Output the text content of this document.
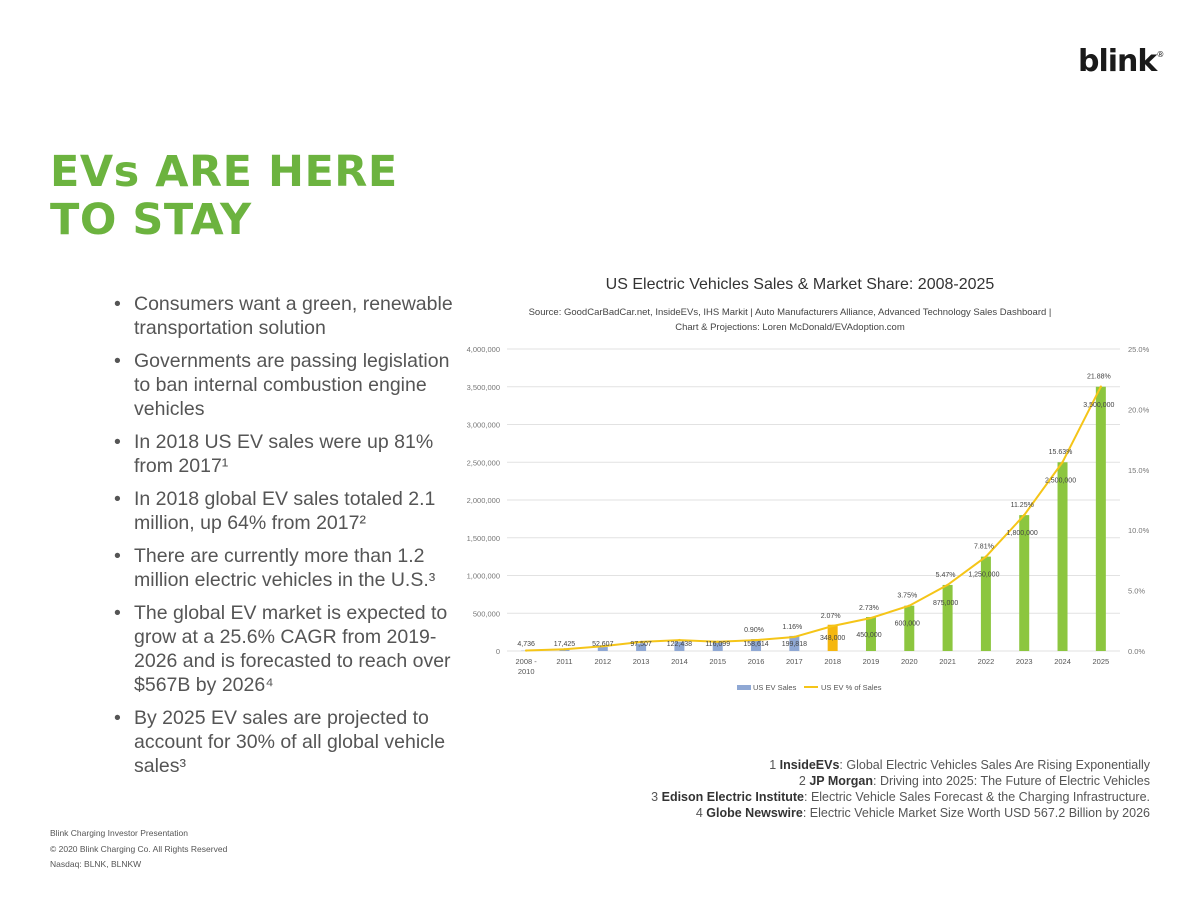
blink®
EVs ARE HERE
TO STAY
• Consumers want a green, renewable transportation solution
• Governments are passing legislation to ban internal combustion engine vehicles
• In 2018 US EV sales were up 81% from 2017¹
• In 2018 global EV sales totaled 2.1 million, up 64% from 2017²
• There are currently more than 1.2 million electric vehicles in the U.S.³
• The global EV market is expected to grow at a 25.6% CAGR from 2019-2026 and is forecasted to reach over $567B by 2026⁴
• By 2025 EV sales are projected to account for 30% of all global vehicle sales³
US Electric Vehicles Sales & Market Share: 2008-2025
Source: GoodCarBadCar.net, InsideEVs, IHS Markit | Auto Manufacturers Alliance, Advanced Technology Sales Dashboard |
Chart & Projections: Loren McDonald/EVAdoption.com
0
500,000
1,000,000
1,500,000
2,000,000
2,500,000
3,000,000
3,500,000
4,000,000
0.0%
5.0%
10.0%
15.0%
20.0%
25.0%
2008 -2010
2011	2012	2013	2014	2015	2016	2017	2018	2019	2020	2021	2022	2023	2024	2025
4,736	17,425 52,607 97,507 122,438 116,099 158,614 199,818
348,000 450,000
600,000
875,000
1,250,000
1,800,000
2,500,000
3,500,000
0.90%	1.16%
2.07%
2.73%
3.75%
5.47%
7.81%
11.25%
15.63%
21.88%
US EV Sales	US EV % of Sales
1 InsideEVs: Global Electric Vehicles Sales Are Rising Exponentially
2 JP Morgan: Driving into 2025: The Future of Electric Vehicles
3 Edison Electric Institute: Electric Vehicle Sales Forecast & the Charging Infrastructure.
4 Globe Newswire: Electric Vehicle Market Size Worth USD 567.2 Billion by 2026
Blink Charging Investor Presentation
© 2020 Blink Charging Co. All Rights Reserved
Nasdaq: BLNK, BLNKW
